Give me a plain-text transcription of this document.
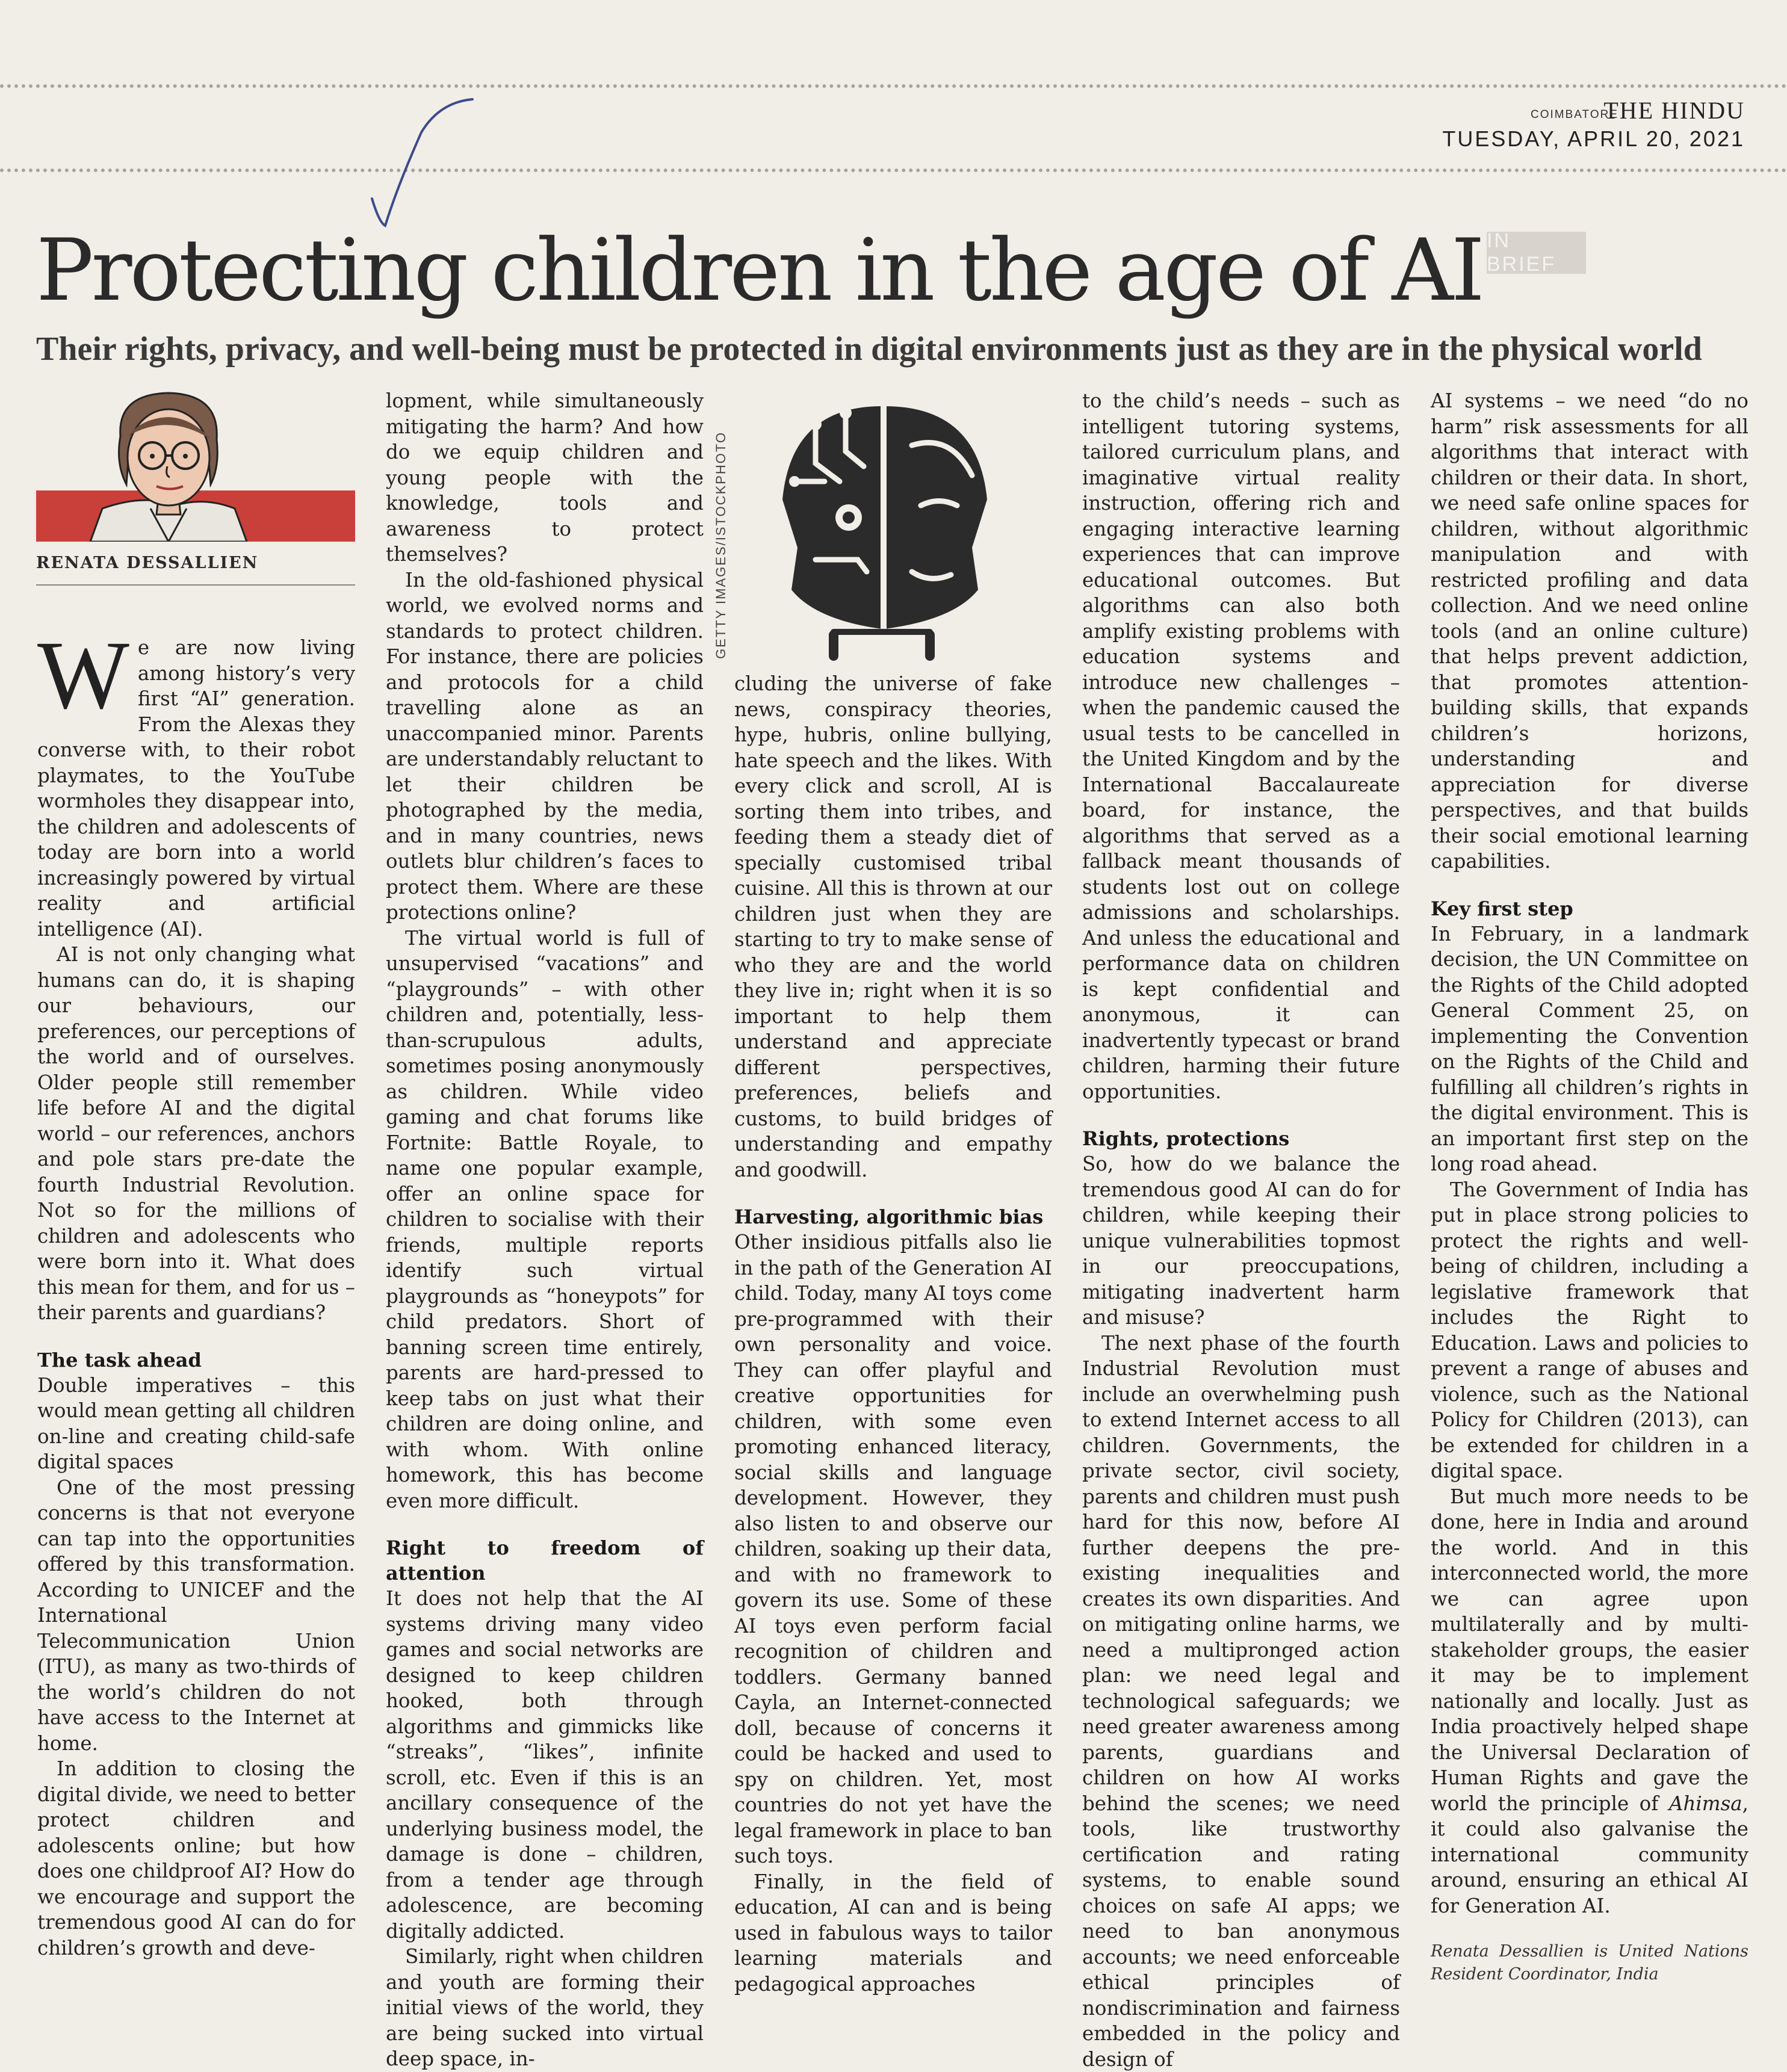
COIMBATORE
THE HINDU
TUESDAY, APRIL 20, 2021
IN BRIEF
Protecting children in the age of AI
Their rights, privacy, and well-being must be protected in digital environments just as they are in the physical world
RENATA DESSALLIEN	GETTY IMAGES/ISTOCKPHOTO

We are now living among history’s very first “AI” generation. From the Alexas they converse with, to their robot playmates, to the YouTube wormholes they disappear into, the children and adolescents of today are born into a world increasingly powered by virtual reality and artificial intelligence (AI).

AI is not only changing what humans can do, it is shaping our behaviours, our preferences, our perceptions of the world and of ourselves. Older people still remember life before AI and the digital world – our references, anchors and pole stars pre-date the fourth Industrial Revolution. Not so for the millions of children and adolescents who were born into it. What does this mean for them, and for us – their parents and guardians?

The task ahead

Double imperatives – this would mean getting all children on-line and creating child-safe digital spaces

One of the most pressing concerns is that not everyone can tap into the opportunities offered by this transformation. According to UNICEF and the International Telecommunication Union (ITU), as many as two-thirds of the world’s children do not have access to the Internet at home.

In addition to closing the digital divide, we need to better protect children and adolescents online; but how does one childproof AI? How do we encourage and support the tremendous good AI can do for children’s growth and deve-

lopment, while simultaneously mitigating the harm? And how do we equip children and young people with the knowledge, tools and awareness to protect themselves?

In the old-fashioned physical world, we evolved norms and standards to protect children. For instance, there are policies and protocols for a child travelling alone as an unaccompanied minor. Parents are understandably reluctant to let their children be photographed by the media, and in many countries, news outlets blur children’s faces to protect them. Where are these protections online?

The virtual world is full of unsupervised “vacations” and “playgrounds” – with other children and, potentially, less-than-scrupulous adults, sometimes posing anonymously as children. While video gaming and chat forums like Fortnite: Battle Royale, to name one popular example, offer an online space for children to socialise with their friends, multiple reports identify such virtual playgrounds as “honeypots” for child predators. Short of banning screen time entirely, parents are hard-pressed to keep tabs on just what their children are doing online, and with whom. With online homework, this has become even more difficult.

Right to freedom of attention

It does not help that the AI systems driving many video games and social networks are designed to keep children hooked, both through algorithms and gimmicks like “streaks”, “likes”, infinite scroll, etc. Even if this is an ancillary consequence of the underlying business model, the damage is done – children, from a tender age through adolescence, are becoming digitally addicted.

Similarly, right when children and youth are forming their initial views of the world, they are being sucked into virtual deep space, in-

cluding the universe of fake news, conspiracy theories, hype, hubris, online bullying, hate speech and the likes. With every click and scroll, AI is sorting them into tribes, and feeding them a steady diet of specially customised tribal cuisine. All this is thrown at our children just when they are starting to try to make sense of who they are and the world they live in; right when it is so important to help them understand and appreciate different perspectives, preferences, beliefs and customs, to build bridges of understanding and empathy and goodwill.

Harvesting, algorithmic bias

Other insidious pitfalls also lie in the path of the Generation AI child. Today, many AI toys come pre-programmed with their own personality and voice. They can offer playful and creative opportunities for children, with some even promoting enhanced literacy, social skills and language development. However, they also listen to and observe our children, soaking up their data, and with no framework to govern its use. Some of these AI toys even perform facial recognition of children and toddlers. Germany banned Cayla, an Internet-connected doll, because of concerns it could be hacked and used to spy on children. Yet, most countries do not yet have the legal framework in place to ban such toys.

Finally, in the field of education, AI can and is being used in fabulous ways to tailor learning materials and pedagogical approaches

to the child’s needs – such as intelligent tutoring systems, tailored curriculum plans, and imaginative virtual reality instruction, offering rich and engaging interactive learning experiences that can improve educational outcomes. But algorithms can also both amplify existing problems with education systems and introduce new challenges – when the pandemic caused the usual tests to be cancelled in the United Kingdom and by the International Baccalaureate board, for instance, the algorithms that served as a fallback meant thousands of students lost out on college admissions and scholarships. And unless the educational and performance data on children is kept confidential and anonymous, it can inadvertently typecast or brand children, harming their future opportunities.

Rights, protections

So, how do we balance the tremendous good AI can do for children, while keeping their unique vulnerabilities topmost in our preoccupations, mitigating inadvertent harm and misuse?

The next phase of the fourth Industrial Revolution must include an overwhelming push to extend Internet access to all children. Governments, the private sector, civil society, parents and children must push hard for this now, before AI further deepens the pre-existing inequalities and creates its own disparities. And on mitigating online harms, we need a multipronged action plan: we need legal and technological safeguards; we need greater awareness among parents, guardians and children on how AI works behind the scenes; we need tools, like trustworthy certification and rating systems, to enable sound choices on safe AI apps; we need to ban anonymous accounts; we need enforceable ethical principles of nondiscrimination and fairness embedded in the policy and design of

AI systems – we need “do no harm” risk assessments for all algorithms that interact with children or their data. In short, we need safe online spaces for children, without algorithmic manipulation and with restricted profiling and data collection. And we need online tools (and an online culture) that helps prevent addiction, that promotes attention-building skills, that expands children’s horizons, understanding and appreciation for diverse perspectives, and that builds their social emotional learning capabilities.

Key first step

In February, in a landmark decision, the UN Committee on the Rights of the Child adopted General Comment 25, on implementing the Convention on the Rights of the Child and fulfilling all children’s rights in the digital environment. This is an important first step on the long road ahead.

The Government of India has put in place strong policies to protect the rights and well-being of children, including a legislative framework that includes the Right to Education. Laws and policies to prevent a range of abuses and violence, such as the National Policy for Children (2013), can be extended for children in a digital space.

But much more needs to be done, here in India and around the world. And in this interconnected world, the more we can agree upon multilaterally and by multi-stakeholder groups, the easier it may be to implement nationally and locally. Just as India proactively helped shape the Universal Declaration of Human Rights and gave the world the principle of Ahimsa, it could also galvanise the international community around, ensuring an ethical AI for Generation AI.

Renata Dessallien is United Nations Resident Coordinator, India
